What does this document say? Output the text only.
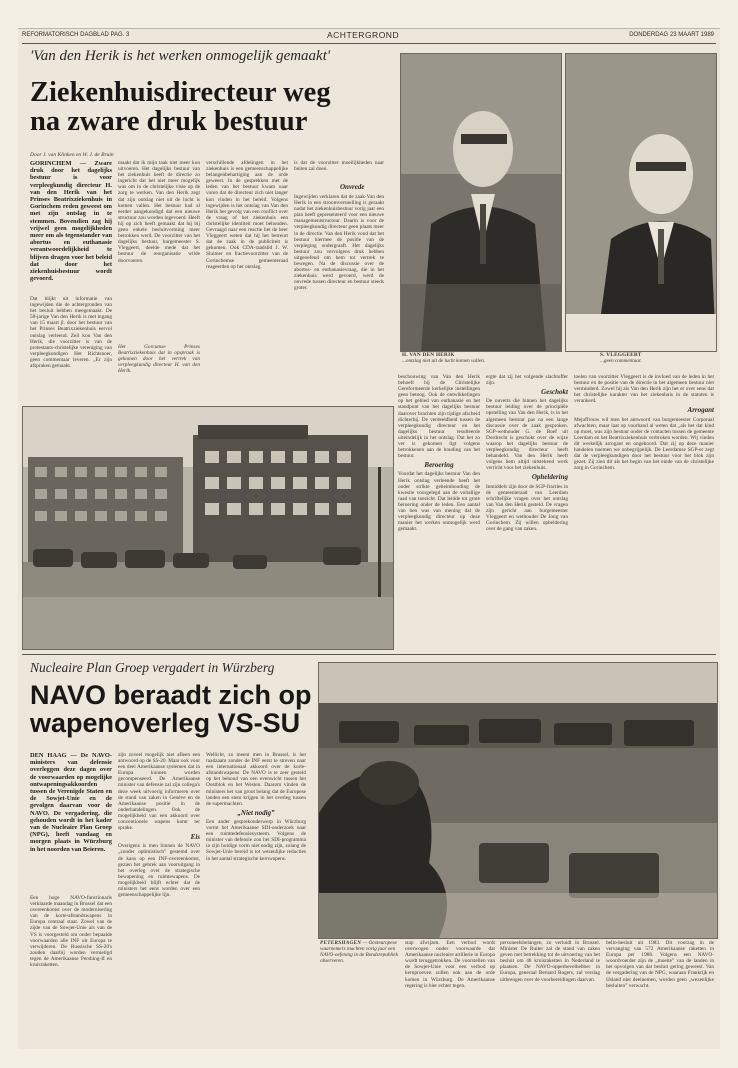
REFORMATORISCH DAGBLAD PAG. 3	ACHTERGROND	DONDERDAG 23 MAART 1989
'Van den Herik is het werken onmogelijk gemaakt'
Ziekenhuisdirecteur weg
na zware druk bestuur
Door J. van Klinken en W. J. de Bruin
GORINCHEM — Zware druk door het dagelijks bestuur is voor verpleegkundig directeur H. van den Herik van het Prinses Beatrixziekenhuis in Gorinchem reden geweest om met zijn ontslag in te stemmen. Bovendien zag hij vrijwel geen mogelijkheden meer om als tegenstander van abortus en euthanasie verantwoordelijkheid te blijven dragen voor het beleid dat door het ziekenhuisbestuur wordt gevoerd.
Dat blijkt uit informatie van ingewijden die de achtergronden van het besluit hebben meegemaakt. De 58-jarige Van den Herik is met ingang van 15 maart jl. door het bestuur van het Prinses Beatrixziekenhuis eervol ontslag verleend. Zeil kon Van den Herik, die voorzitter is van de protestants-christelijke vereniging van verpleegkundigen Het Richtsnoer, geen commentaar leveren. „Er zijn afspraken gemaakt.
maakt dat ik mijn taak niet meer kon uitvoeren. Het dagelijks bestuur van het ziekenhuis heeft de directie zo ingericht dat het niet meer mogelijk was om in de christelijke visie op de zorg te werken. Van den Herik zegt dat zijn ontslag niet uit de lucht is komen vallen. Het bestuur had al eerder aangekondigd dat een nieuwe structuur zou worden ingevoerd. Heeft hij op zich heeft gemaakt dat hij bij geen enkele besluitvorming meer betrokken werd. De voorzitter van het dagelijks bestuur, burgemeester S. Vleggeert, deelde mede dat het bestuur de reorganisatie wilde doorvoeren.
Het Gorcumse Prinses Beatrixziekenhuis dat in opspraak is gekomen door het vertrek van verpleegkundig directeur H. van den Herik.
verschillende afdelingen in het ziekenhuis is een gemeenschappelijke belangenbehartiging aan de orde geweest. In de gesprekken met de leden van het bestuur kwam naar voren dat de directeur zich niet langer kon vinden in het beleid. Volgens ingewijden is het ontslag van Van den Herik het gevolg van een conflict over de vraag of het ziekenhuis een christelijke identiteit moet behouden. Gevraagd naar een reactie liet de heer Vleggeert weten dat hij het betreurt dat de zaak in de publiciteit is gekomen. Ook CDA-raadslid J. W. Sluimer en fractievoorzitter van de Gorinchemse gemeenteraad reageerden op het ontslag.
is dat de voorzitter moeilijkheden naar buiten zal doen.
Onvrede
Ingewijden verklaren dat de zaak-Van den Herik in een stroomversnelling is geraakt nadat het ziekenhuisbestuur vorig jaar een plan heeft gepresenteerd voor een nieuwe managementstructuur. Daarin is voor de verpleegkundig directeur geen plaats meer in de directie. Van den Herik vond dat het bestuur hiermee de positie van de verpleging ondergraaft. Het dagelijks bestuur zou vervolgens druk hebben uitgeoefend om hem tot vertrek te bewegen. Na de discussie over de abortus- en euthanasievraag, die in het ziekenhuis werd gevoerd, werd de onvrede tussen directeur en bestuur steeds groter.
H. VAN DEN HERIK
...ontslag niet uit de lucht komen vallen.
S. VLEGGEERT
...geen commentaar.
beschouwing van Van den Herik behoeft bij de Christelijke Gereformeerde kerkelijke instellingen geen betoog. Ook de ontwikkelingen op het gebied van euthanasie en het standpunt van het dagelijks bestuur daarover brachten zijn tijdige afscheid dichterbij. De verdeeldheid tussen de verpleegkundig directeur en het dagelijks bestuur resulteerde uiteindelijk in het ontslag. Dat het zo ver is gekomen ligt volgens betrokkenen aan de houding van het bestuur.
Beroering
Voordat het dagelijks bestuur Van den Herik ontslag verleende heeft het onder strikte geheimhouding de kwestie voorgelegd aan de voltallige raad van toezicht. Dat leidde tot grote beroering onder de leden. Een aantal van hen was van mening dat de verpleegkundig directeur op deze manier het werken onmogelijk werd gemaakt.
ergte dat zij het volgende slachtoffer zijn.
Geschokt
De ouverts die binnen het dagelijks bestuur leiding over de principiële opstelling van Van den Herik, is in het algemeen bestuur pas na een lange discussie over de zaak gesproken. SGP-wethouder G. de Boef uit Dordrecht is geschokt over de wijze waarop het dagelijks bestuur de verpleegkundig directeur heeft behandeld. Van den Herik heeft volgens hem altijd uitstekend werk verricht voor het ziekenhuis.
Opheldering
Inmiddels zijn door de SGP-fracties in de gemeenteraad van Leerdam schriftelijke vragen over het ontslag van Van den Herik gesteld. De vragen zijn gericht aan burgemeester Vleggeert en wethouder De Jong van Gorinchem. Zij willen opheldering over de gang van zaken.
toelen van voorzitter Vleggeert is de invloed van de leden in het bestuur en de positie van de directie in het algemeen bestuur niet verminderd. Zowel hij als Van den Herik zijn het er over eens dat het christelijke karakter van het ziekenhuis in de statuten is verankerd.
Arrogant
Mejuffrouw wil men het antwoord van burgemeester Corporaal afwachten, maar laat op voorhand al weten dat „als het dat kind op moet, was zijn bestuur onder de contacten tussen de gemeente Leerdam en het Beatrixziekenhuis verbroken worden. Wij vinden dit werkelijk arrogant en ongehoord. Dat zij op deze manier handelen noemen we onbegrijpelijk. De Leerdamse SGP-er zegt dat de verpleegkundigen door het bestuur voor het blok zijn gezet. Zij zien dit als het begin van het einde van de christelijke zorg in Gorinchem.
Nucleaire Plan Groep vergadert in Würzberg
NAVO beraadt zich op
wapenoverleg VS-SU
DEN HAAG — De NAVO-ministers van defensie overleggen deze dagen over de voorwaarden op mogelijke ontwapeningsakkoorden tussen de Verenigde Staten en de Sowjet-Unie en de gevolgen daarvan voor de NAVO. De vergadering, die gehouden wordt in het kader van de Nucleaire Plan Groep (NPG), heeft vandaag en morgen plaats in Würzburg in het noorden van Beieren.
Een hoge NAVO-functionaris verklaarde maandag in Brussel dat een overeenkomst over de modernisering van de korte-afstandswapens in Europa centraal staat. Zowel van de zijde van de Sowjet-Unie als van de VS is voorgesteld om onder bepaalde voorwaarden alle INF uit Europa te verwijderen. De Russische SS-20's zouden daarbij worden vernietigd tegen de Amerikaanse Pershing-II en kruisraketten.
zijn zoveel mogelijk niet afleen een antwoord op de SS-20. Maar ook voor een deel Amerikaanse systemen dat in Europa kunnen worden gecompenseerd. De Amerikaanse minister van defensie zal zijn collega's deze week uitvoerig informeren over de stand van zaken in Genève en de Amerikaanse positie in de onderhandelingen. Ook de mogelijkheid van een akkoord over conventionele wapens komt ter sprake.
Eis
Overigens is men binnen de NAVO „zonder optimistisch” gestemd over de kans op een INF-overeenkomst, gezien het gebrek aan vooruitgang in het overleg over de strategische bewapening en ruimtewapens. De mogelijkheid blijft echter dat de ministers het eens worden over een gemeenschappelijke lijn.
Wellicht, zo meent men in Brussel, is het raadzaam zonder de INF eerst te streven naar een internationaal akkoord over de korte-afstandswapens. De NAVO is te zeer gesteld op het behoud van een evenwicht tussen het Oostblok en het Westen. Daarom vinden de ministers het van groot belang dat de Europese landen een stem krijgen in het overleg tussen de supermachten.
„Niet nodig”
Een ander gesprekonderwerp in Würzburg vormt het Amerikaanse SDI-onderzoek naar een ruimtedefensiesysteem. Volgens de minister van defensie zou het SDI-programma in zijn huidige vorm niet nodig zijn, zolang de Sowjet-Unie bereid is tot wezenlijke reducties in het aantal strategische kernwapens.
PETERSHAGEN — Oosteuropese waarnemers machten vorig jaar een NAVO-oefening in de Bondsrepubliek observeren.
stap afwijzen. Een verbod wordt overwogen onder voorwaarde dat Amerikaanse nucleaire artillerie in Europa wordt teruggetrokken. De voorstellen van de Sowjet-Unie voor een verbod op kernproeven zullen ook aan de orde komen in Würzburg. De Amerikaanse regering is hier echter tegen.
personeelsbelangen, zo verluidt in Brussel. Minister De Ruiter zal de stand van zaken geven met betrekking tot de uitvoering van het besluit om 48 kruisraketten in Nederland te plaatsen. De NAVO-opperbevelhebber in Europa, generaal Bernard Rogers, zal verslag uitbrengen over de voorbereidingen daarvan.
bello-besluit uit 1983. Dit voorzag in de vervanging van 572 Amerikaanse raketten in Europa per 1988. Volgens een NAVO-woordvoerder zijn de „moeite” van de landen in het opvolgen van dat besluit gering geweest. Van de vergadering van de NPG, waaraan Frankrijk en IJsland niet deelnemen, worden geen „wezenlijke besluiten” verwacht.
